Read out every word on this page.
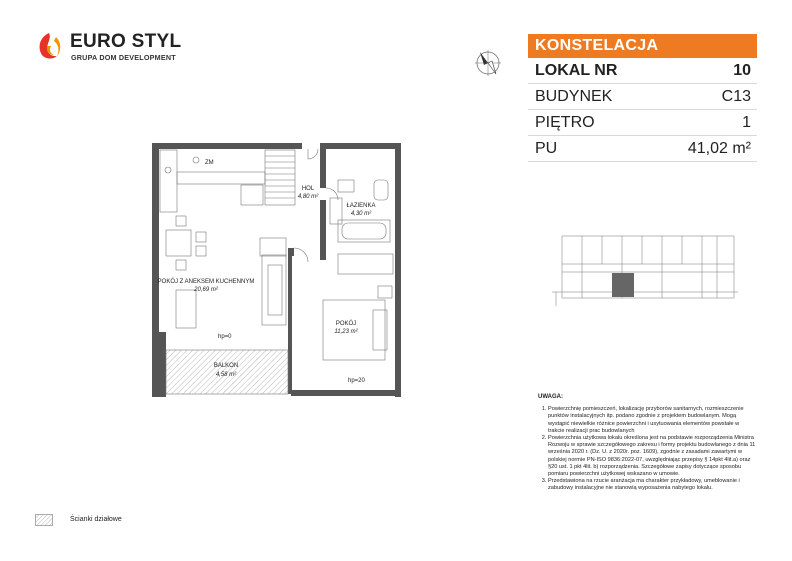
EURO STYL
GRUPA DOM DEVELOPMENT
KONSTELACJA
LOKAL NR	10
BUDYNEK	C13
PIĘTRO	1
PU	41,02 m²
ZM
HOL
4,80 m²
ŁAZIENKA
4,30 m²
POKÓJ Z ANEKSEM KUCHENNYM
20,69 m²
POKÓJ
11,23 m²
BALKON
4,58 m²
hp=0
hp=20
UWAGA:
1. Powierzchnię pomieszczeń, lokalizację przyborów sanitarnych, rozmieszczenie punktów instalacyjnych itp. podano zgodnie z projektem budowlanym. Mogą wystąpić niewielkie różnice powierzchni i usytuowania elementów powstałe w trakcie realizacji prac budowlanych
2. Powierzchnia użytkowa lokalu określona jest na podstawie rozporządzenia Ministra Rozwoju w sprawie szczegółowego zakresu i formy projektu budowlanego z dnia 11 września 2020 r. (Dz. U. z 2020r. poz. 1609), zgodnie z zasadami zawartymi w polskiej normie PN-ISO 9836:2022-07, uwzględniając przepisy § 14pkt 4lit.a) oraz §20 ust. 1 pkt 4lit. b) rozporządzenia. Szczegółowe zapisy dotyczące sposobu pomiaru powierzchni użytkowej wskazano w umowie.
3. Przedstawiona na rzucie aranżacja ma charakter przykładowy, umeblowanie i zabudowy instalacyjne nie stanowią wyposażenia nabytego lokalu.
Ścianki działowe
